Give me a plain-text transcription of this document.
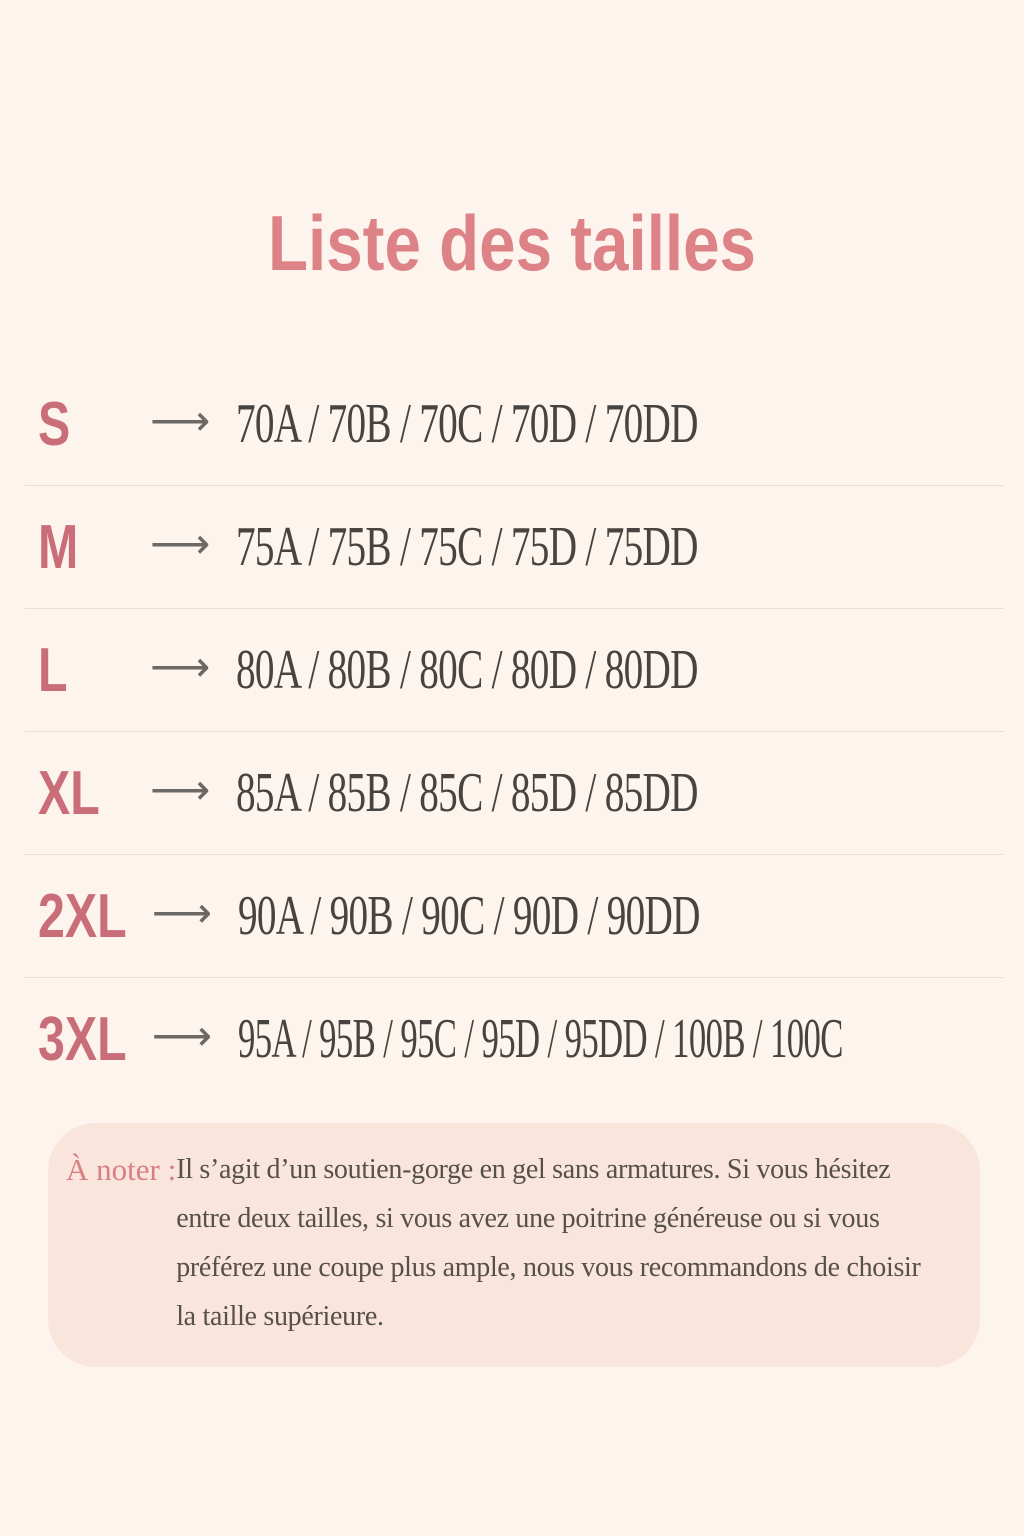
Liste des tailles
S	⟶ 70A / 70B / 70C / 70D / 70DD
M	⟶ 75A / 75B / 75C / 75D / 75DD
L	⟶ 80A / 80B / 80C / 80D / 80DD
XL	⟶ 85A / 85B / 85C / 85D / 85DD
2XL ⟶ 90A / 90B / 90C / 90D / 90DD
3XL ⟶ 95A / 95B / 95C / 95D / 95DD / 100B / 100C
À noter : Il s’agit d’un soutien-gorge en gel sans armatures. Si vous hésitez entre deux tailles, si vous avez une poitrine généreuse ou si vous préférez une coupe plus ample, nous vous recommandons de choisir la taille supérieure.
